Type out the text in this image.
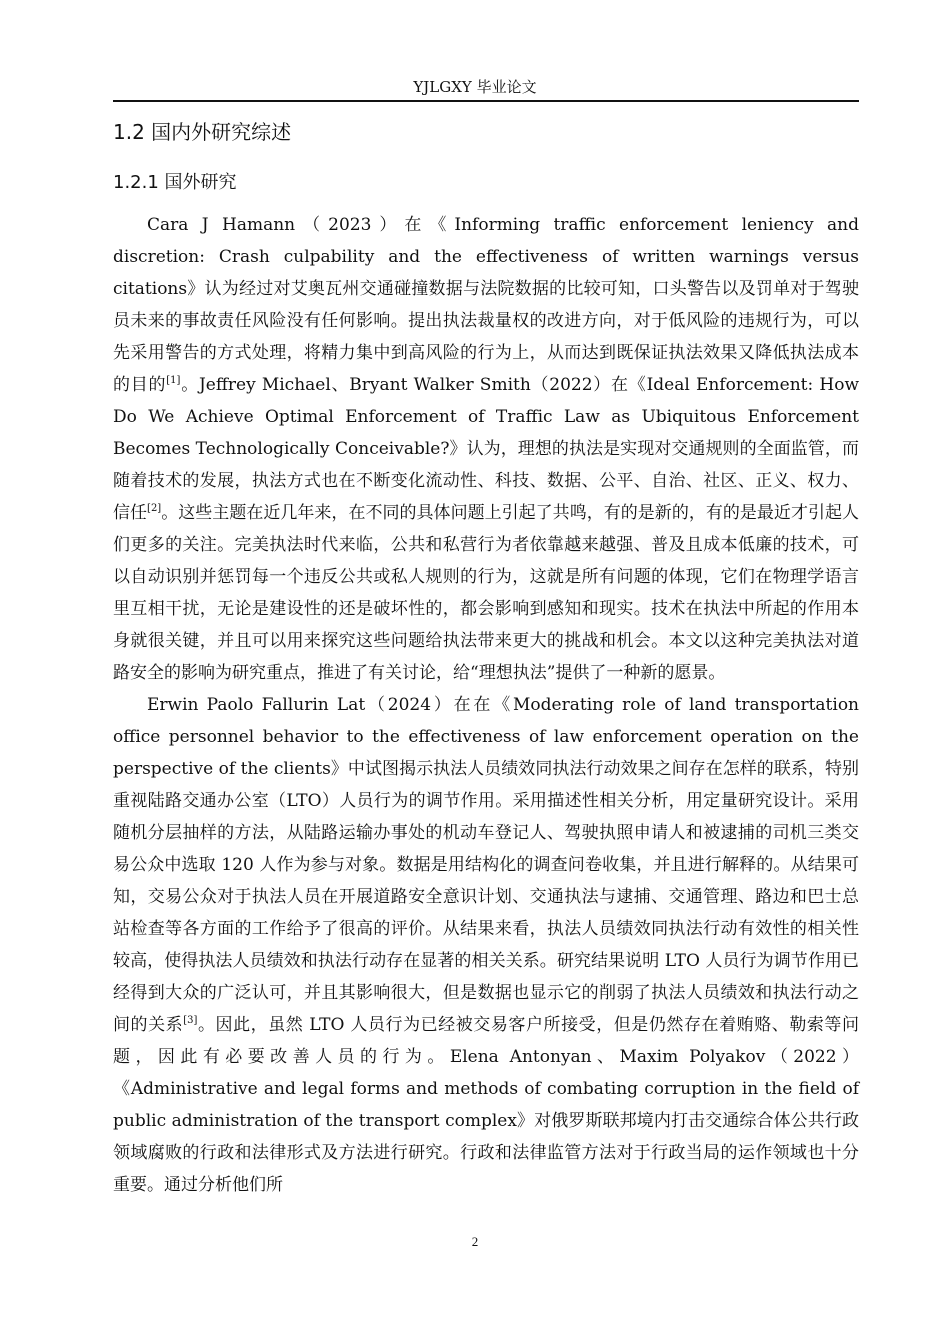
YJLGXY 毕业论文
1.2 国内外研究综述
1.2.1 国外研究

Cara J Hamann（2023）在《Informing traffic enforcement leniency and discretion: Crash culpability and the effectiveness of written warnings versus citations》认为经过对艾奥瓦州交通碰撞数据与法院数据的比较可知，口头警告以及罚单对于驾驶员未来的事故责任风险没有任何影响。提出执法裁量权的改进方向，对于低风险的违规行为，可以先采用警告的方式处理，将精力集中到高风险的行为上，从而达到既保证执法效果又降低执法成本的目的[1]。Jeffrey Michael、Bryant Walker Smith（2022）在《Ideal Enforcement: How Do We Achieve Optimal Enforcement of Traffic Law as Ubiquitous Enforcement Becomes Technologically Conceivable?》认为，理想的执法是实现对交通规则的全面监管，而随着技术的发展，执法方式也在不断变化流动性、科技、数据、公平、自治、社区、正义、权力、信任[2]。这些主题在近几年来，在不同的具体问题上引起了共鸣，有的是新的，有的是最近才引起人们更多的关注。完美执法时代来临，公共和私营行为者依靠越来越强、普及且成本低廉的技术，可以自动识别并惩罚每一个违反公共或私人规则的行为，这就是所有问题的体现，它们在物理学语言里互相干扰，无论是建设性的还是破坏性的，都会影响到感知和现实。技术在执法中所起的作用本身就很关键，并且可以用来探究这些问题给执法带来更大的挑战和机会。本文以这种完美执法对道路安全的影响为研究重点，推进了有关讨论，给“理想执法”提供了一种新的愿景。

Erwin Paolo Fallurin Lat（2024）在在《Moderating role of land transportation office personnel behavior to the effectiveness of law enforcement operation on the perspective of the clients》中试图揭示执法人员绩效同执法行动效果之间存在怎样的联系，特别重视陆路交通办公室（LTO）人员行为的调节作用。采用描述性相关分析，用定量研究设计。采用随机分层抽样的方法，从陆路运输办事处的机动车登记人、驾驶执照申请人和被逮捕的司机三类交易公众中选取 120 人作为参与对象。数据是用结构化的调查问卷收集，并且进行解释的。从结果可知，交易公众对于执法人员在开展道路安全意识计划、交通执法与逮捕、交通管理、路边和巴士总站检查等各方面的工作给予了很高的评价。从结果来看，执法人员绩效同执法行动有效性的相关性较高，使得执法人员绩效和执法行动存在显著的相关关系。研究结果说明 LTO 人员行为调节作用已经得到大众的广泛认可，并且其影响很大，但是数据也显示它的削弱了执法人员绩效和执法行动之间的关系[3]。因此，虽然 LTO 人员行为已经被交易客户所接受，但是仍然存在着贿赂、勒索等问题，因此有必要改善人员的行为。Elena Antonyan、Maxim Polyakov（2022）《Administrative and legal forms and methods of combating corruption in the field of public administration of the transport complex》对俄罗斯联邦境内打击交通综合体公共行政领域腐败的行政和法律形式及方法进行研究。行政和法律监管方法对于行政当局的运作领域也十分重要。通过分析他们所

2
